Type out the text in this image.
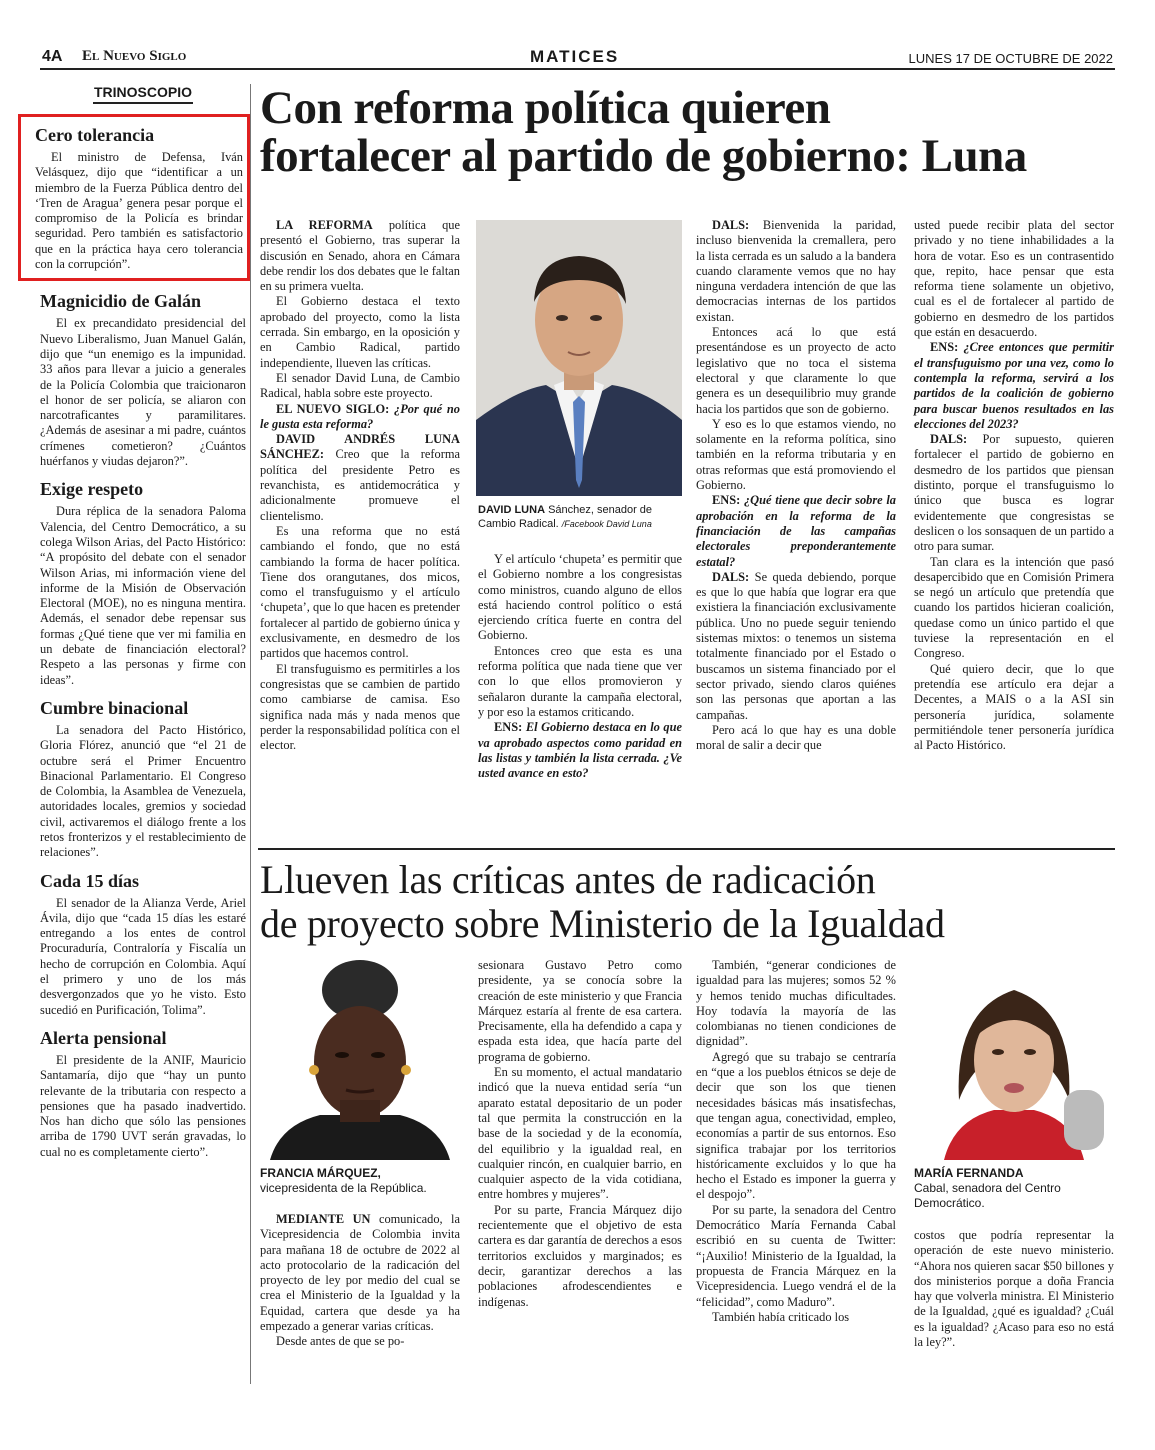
4A El Nuevo Siglo	MATICES	LUNES 17 DE OCTUBRE DE 2022
TRINOSCOPIO
Cero tolerancia
El ministro de Defensa, Iván Velásquez, dijo que “identificar a un miembro de la Fuerza Pública dentro del ‘Tren de Aragua’ genera pesar porque el compromiso de la Policía es brindar seguridad. Pero también es satisfactorio que en la práctica haya cero tolerancia con la corrupción”.
Magnicidio de Galán
El ex precandidato presidencial del Nuevo Liberalismo, Juan Manuel Galán, dijo que “un enemigo es la impunidad. 33 años para llevar a juicio a generales de la Policía Colombia que traicionaron el honor de ser policía, se aliaron con narcotraficantes y paramilitares. ¿Además de asesinar a mi padre, cuántos crímenes cometieron? ¿Cuántos huérfanos y viudas dejaron?”.
Exige respeto
Dura réplica de la senadora Paloma Valencia, del Centro Democrático, a su colega Wilson Arias, del Pacto Histórico: “A propósito del debate con el senador Wilson Arias, mi información viene del informe de la Misión de Observación Electoral (MOE), no es ninguna mentira. Además, el senador debe repensar sus formas ¿Qué tiene que ver mi familia en un debate de financiación electoral? Respeto a las personas y firme con ideas”.
Cumbre binacional
La senadora del Pacto Histórico, Gloria Flórez, anunció que “el 21 de octubre será el Primer Encuentro Binacional Parlamentario. El Congreso de Colombia, la Asamblea de Venezuela, autoridades locales, gremios y sociedad civil, activaremos el diálogo frente a los retos fronterizos y el restablecimiento de relaciones”.
Cada 15 días
El senador de la Alianza Verde, Ariel Ávila, dijo que “cada 15 días les estaré entregando a los entes de control Procuraduría, Contraloría y Fiscalía un hecho de corrupción en Colombia. Aquí el primero y uno de los más desvergonzados que yo he visto. Esto sucedió en Purificación, Tolima”.
Alerta pensional
El presidente de la ANIF, Mauricio Santamaría, dijo que “hay un punto relevante de la tributaria con respecto a pensiones que ha pasado inadvertido. Nos han dicho que sólo las pensiones arriba de 1790 UVT serán gravadas, lo cual no es completamente cierto”.
Con reforma política quieren
fortalecer al partido de gobierno: Luna

LA REFORMA política que presentó el Gobierno, tras superar la discusión en Senado, ahora en Cámara debe rendir los dos debates que le faltan en su primera vuelta.

El Gobierno destaca el texto aprobado del proyecto, como la lista cerrada. Sin embargo, en la oposición y en Cambio Radical, partido independiente, llueven las críticas.

El senador David Luna, de Cambio Radical, habla sobre este proyecto.

EL NUEVO SIGLO: ¿Por qué no le gusta esta reforma?

DAVID ANDRÉS LUNA SÁNCHEZ: Creo que la reforma política del presidente Petro es revanchista, es antidemocrática y adicionalmente promueve el clientelismo.

Es una reforma que no está cambiando el fondo, que no está cambiando la forma de hacer política. Tiene dos orangutanes, dos micos, como el transfuguismo y el artículo ‘chupeta’, que lo que hacen es pretender fortalecer al partido de gobierno única y exclusivamente, en desmedro de los partidos que hacemos control.

El transfuguismo es permitirles a los congresistas que se cambien de partido como cambiarse de camisa. Eso significa nada más y nada menos que perder la responsabilidad política con el elector.

DAVID LUNA Sánchez, senador de Cambio Radical. /Facebook David Luna

Y el artículo ‘chupeta’ es permitir que el Gobierno nombre a los congresistas como ministros, cuando alguno de ellos está haciendo control político o está ejerciendo crítica fuerte en contra del Gobierno.

Entonces creo que esta es una reforma política que nada tiene que ver con lo que ellos promovieron y señalaron durante la campaña electoral, y por eso la estamos criticando.

ENS: El Gobierno destaca en lo que va aprobado aspectos como paridad en las listas y también la lista cerrada. ¿Ve usted avance en esto?

DALS: Bienvenida la paridad, incluso bienvenida la cremallera, pero la lista cerrada es un saludo a la bandera cuando claramente vemos que no hay ninguna verdadera intención de que las democracias internas de los partidos existan.

Entonces acá lo que está presentándose es un proyecto de acto legislativo que no toca el sistema electoral y que claramente lo que genera es un desequilibrio muy grande hacia los partidos que son de gobierno.

Y eso es lo que estamos viendo, no solamente en la reforma política, sino también en la reforma tributaria y en otras reformas que está promoviendo el Gobierno.

ENS: ¿Qué tiene que decir sobre la aprobación en la reforma de la financiación de las campañas electorales preponderantemente estatal?

DALS: Se queda debiendo, porque es que lo que había que lograr era que existiera la financiación exclusivamente pública. Uno no puede seguir teniendo sistemas mixtos: o tenemos un sistema totalmente financiado por el Estado o buscamos un sistema financiado por el sector privado, siendo claros quiénes son las personas que aportan a las campañas.

Pero acá lo que hay es una doble moral de salir a decir que

usted puede recibir plata del sector privado y no tiene inhabilidades a la hora de votar. Eso es un contrasentido que, repito, hace pensar que esta reforma tiene solamente un objetivo, cual es el de fortalecer al partido de gobierno en desmedro de los partidos que están en desacuerdo.

ENS: ¿Cree entonces que permitir el transfuguismo por una vez, como lo contempla la reforma, servirá a los partidos de la coalición de gobierno para buscar buenos resultados en las elecciones del 2023?

DALS: Por supuesto, quieren fortalecer el partido de gobierno en desmedro de los partidos que piensan distinto, porque el transfuguismo lo único que busca es lograr evidentemente que congresistas se deslicen o los sonsaquen de un partido a otro para sumar.

Tan clara es la intención que pasó desapercibido que en Comisión Primera se negó un artículo que pretendía que cuando los partidos hicieran coalición, quedase como un único partido el que tuviese la representación en el Congreso.

Qué quiero decir, que lo que pretendía ese artículo era dejar a Decentes, a MAIS o a la ASI sin personería jurídica, solamente permitiéndole tener personería jurídica al Pacto Histórico.

Llueven las críticas antes de radicación
de proyecto sobre Ministerio de la Igualdad
FRANCIA MÁRQUEZ,
vicepresidenta de la República.

MEDIANTE UN comunicado, la Vicepresidencia de Colombia invita para mañana 18 de octubre de 2022 al acto protocolario de la radicación del proyecto de ley por medio del cual se crea el Ministerio de la Igualdad y la Equidad, cartera que desde ya ha empezado a generar varias críticas.

Desde antes de que se po-

sesionara Gustavo Petro como presidente, ya se conocía sobre la creación de este ministerio y que Francia Márquez estaría al frente de esa cartera. Precisamente, ella ha defendido a capa y espada esta idea, que hacía parte del programa de gobierno.

En su momento, el actual mandatario indicó que la nueva entidad sería “un aparato estatal depositario de un poder tal que permita la construcción en la base de la sociedad y de la economía, del equilibrio y la igualdad real, en cualquier rincón, en cualquier barrio, en cualquier aspecto de la vida cotidiana, entre hombres y mujeres”.

Por su parte, Francia Márquez dijo recientemente que el objetivo de esta cartera es dar garantía de derechos a esos territorios excluidos y marginados; es decir, garantizar derechos a las poblaciones afrodescendientes e indígenas.

También, “generar condiciones de igualdad para las mujeres; somos 52 % y hemos tenido muchas dificultades. Hoy todavía la mayoría de las colombianas no tienen condiciones de dignidad”.

Agregó que su trabajo se centraría en “que a los pueblos étnicos se deje de decir que son los que tienen necesidades básicas más insatisfechas, que tengan agua, conectividad, empleo, economías a partir de sus entornos. Eso significa trabajar por los territorios históricamente excluidos y lo que ha hecho el Estado es imponer la guerra y el despojo”.

Por su parte, la senadora del Centro Democrático María Fernanda Cabal escribió en su cuenta de Twitter: “¡Auxilio! Ministerio de la Igualdad, la propuesta de Francia Márquez en la Vicepresidencia. Luego vendrá el de la “felicidad”, como Maduro”.

También había criticado los

MARÍA FERNANDA
Cabal, senadora del Centro Democrático.

costos que podría representar la operación de este nuevo ministerio. “Ahora nos quieren sacar $50 billones y dos ministerios porque a doña Francia hay que volverla ministra. El Ministerio de la Igualdad, ¿qué es igualdad? ¿Cuál es la igualdad? ¿Acaso para eso no está la ley?”.
